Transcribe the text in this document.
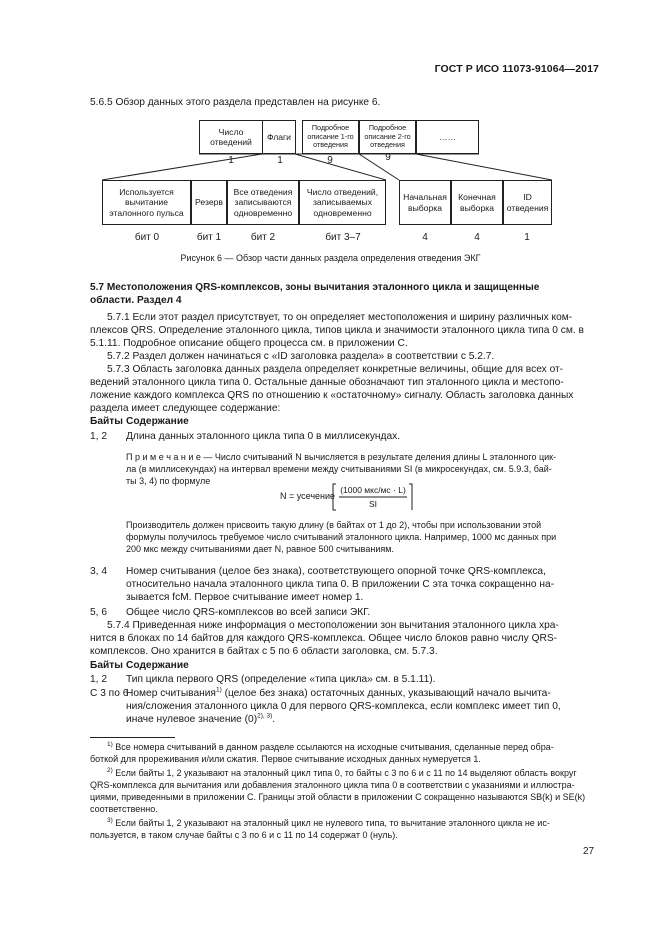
ГОСТ Р ИСО 11073-91064—2017
5.6.5 Обзор данных этого раздела представлен на рисунке 6.
Число отведений
Флаги
Подробное описание 1-го отведения
Подробное описание 2-го отведения
……
1	1	9	9
Используется вычитание эталонного пульса
Резерв
Все отведения записываются одновременно
Число отведений, записываемых одновременно
Начальная выборка
Конечная выборка
ID отведения
бит 0	бит 1	бит 2	бит 3–7	4	4	1
Рисунок 6 — Обзор части данных раздела определения отведения ЭКГ
5.7 Местоположения QRS-комплексов, зоны вычитания эталонного цикла и защищенные
области. Раздел 4
5.7.1 Если этот раздел присутствует, то он определяет местоположения и ширину различных ком-
плексов QRS. Определение эталонного цикла, типов цикла и значимости эталонного цикла типа 0 см. в
5.1.11. Подробное описание общего процесса см. в приложении С.
5.7.2 Раздел должен начинаться с «ID заголовка раздела» в соответствии с 5.2.7.
5.7.3 Область заголовка данных раздела определяет конкретные величины, общие для всех от-
ведений эталонного цикла типа 0. Остальные данные обозначают тип эталонного цикла и местопо-
ложение каждого комплекса QRS по отношению к «остаточному» сигналу. Область заголовка данных
раздела имеет следующее содержание:
Байты Содержание
1, 2 Длина данных эталонного цикла типа 0 в миллисекундах.
П р и м е ч а н и е — Число считываний N вычисляется в результате деления длины L эталонного цик-
ла (в миллисекундах) на интервал времени между считываниями SI (в микросекундах, см. 5.9.3, бай-
ты 3, 4) по формуле
N = усечение
(1000 мкс/мс · L)
SI
Производитель должен присвоить такую длину (в байтах от 1 до 2), чтобы при использовании этой
формулы получилось требуемое число считываний эталонного цикла. Например, 1000 мс данных при
200 мкс между считываниями дает N, равное 500 считываниям.
3, 4 Номер считывания (целое без знака), соответствующего опорной точке QRS-комплекса,
относительно начала эталонного цикла типа 0. В приложении С эта точка сокращенно на-
зывается fcM. Первое считывание имеет номер 1.
5, 6 Общее число QRS-комплексов во всей записи ЭКГ.
5.7.4 Приведенная ниже информация о местоположении зон вычитания эталонного цикла хра-
нится в блоках по 14 байтов для каждого QRS-комплекса. Общее число блоков равно числу QRS-
комплексов. Оно хранится в байтах с 5 по 6 области заголовка, см. 5.7.3.
Байты Содержание
1, 2 Тип цикла первого QRS (определение «типа цикла» см. в 5.1.11).
С 3 по 6
Номер считывания$^{1)}$ (целое без знака) остаточных данных, указывающий начало вычита-
ния/сложения эталонного цикла 0 для первого QRS-комплекса, если комплекс имеет тип 0,
иначе нулевое значение $(0)^{2), 3)}$.
$^{1)}$ Все номера считываний в данном разделе ссылаются на исходные считывания, сделанные перед обра-
боткой для прореживания и/или сжатия. Первое считывание исходных данных нумеруется 1.
$^{2)}$ Если байты 1, 2 указывают на эталонный цикл типа 0, то байты с 3 по 6 и с 11 по 14 выделяют область вокруг
QRS-комплекса для вычитания или добавления эталонного цикла типа 0 в соответствии с указаниями и иллюстра-
циями, приведенными в приложении С. Границы этой области в приложении С сокращенно называются SB(k) и SE(k)
соответственно.
$^{3)}$ Если байты 1, 2 указывают на эталонный цикл не нулевого типа, то вычитание эталонного цикла не ис-
пользуется, в таком случае байты с 3 по 6 и с 11 по 14 содержат 0 (нуль).
27
